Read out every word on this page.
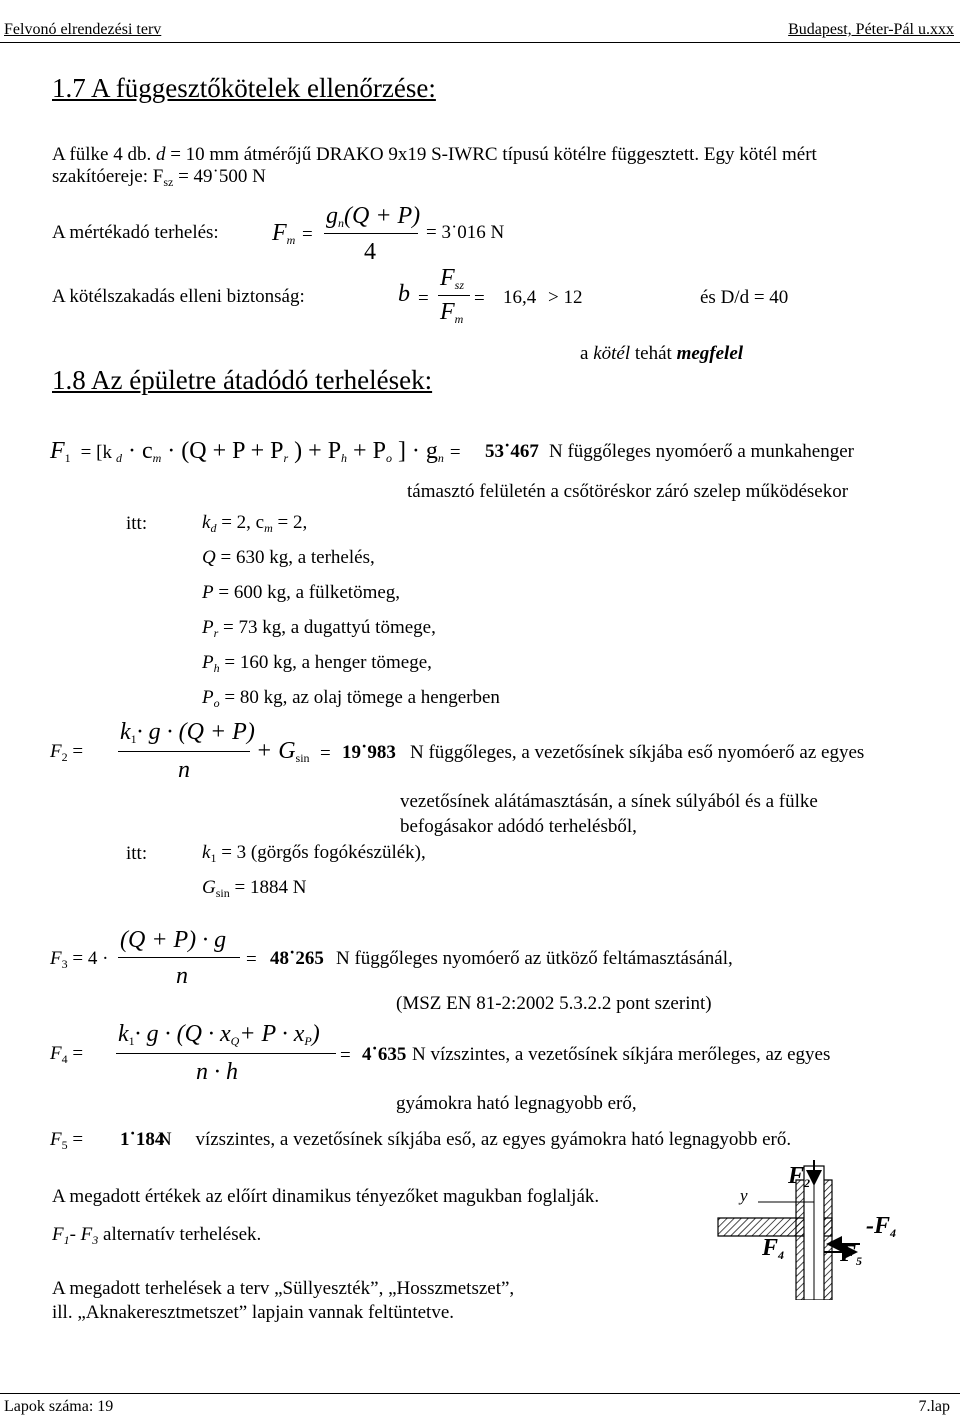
Felvonó elrendezési terv	Budapest, Péter-Pál u.xxx
1.7 A függesztőkötelek ellenőrzése:
A fülke 4 db. d = 10 mm átmérőjű DRAKO 9x19 S-IWRC típusú kötélre függesztett. Egy kötél mért
szakítóereje: $F_{sz}$ = 49˙500 N
A mértékadó terhelés: $F_m$ =
$g_n(Q + P)$
4
= 3˙016 N
A kötélszakadás elleni biztonság:	b =
$F_{sz}$
$F_m$
= 16,4 > 12	és D/d = 40
a kötél tehát megfelel
1.8 Az épületre átadódó terhelések:
F1 = [k $_d \cdot c_m \cdot (Q + P + P_r$ ) + $P_h + P_o$ ] · $g_n$ = 53˙467 N függőleges nyomóerő a munkahenger
támasztó felületén a csőtöréskor záró szelep működésekor
itt:	$k_d = 2$, $c_m = 2$,
Q = 630 kg, a terhelés,
P = 600 kg, a fülketömeg,
$P_r = 73$ kg, a dugattyú tömege,
$P_h = 160$ kg, a henger tömege,
$P_o = 80$ kg, az olaj tömege a hengerben
$F_2$ =
k1· g · (Q + P)
n
+ Gsin = 19˙983 N függőleges, a vezetősínek síkjába eső nyomóerő az egyes
vezetősínek alátámasztásán, a sínek súlyából és a fülke
befogásakor adódó terhelésből,
itt:	$k_1 = 3$ (görgős fogókészülék),
$G_{sin} = 1884$ N
$F_3 = 4$ ·
(Q + P) · g
n
= 48˙265 N függőleges nyomóerő az ütköző feltámasztásánál,
(MSZ EN 81-2:2002 5.3.2.2 pont szerint)
$F_4$ =
$k1\cdot g \cdot (Q \cdot x_Q+ P \cdot x_P)$
n · h
= 4˙635 N vízszintes, a vezetősínek síkjára merőleges, az egyes
gyámokra ható legnagyobb erő,
$F_5$ = 1˙184
N     vízszintes, a vezetősínek síkjába eső, az egyes gyámokra ható legnagyobb erő.
A megadott értékek az előírt dinamikus tényezőket magukban foglalják.
$F_1-$ $F_3$ alternatív terhelések.
A megadott terhelések a terv „Süllyeszték”, „Hosszmetszet”,
ill. „Aknakeresztmetszet” lapjain vannak feltüntetve.
y
F2
-F4
F4 F5
Lapok száma: 19	7.lap
